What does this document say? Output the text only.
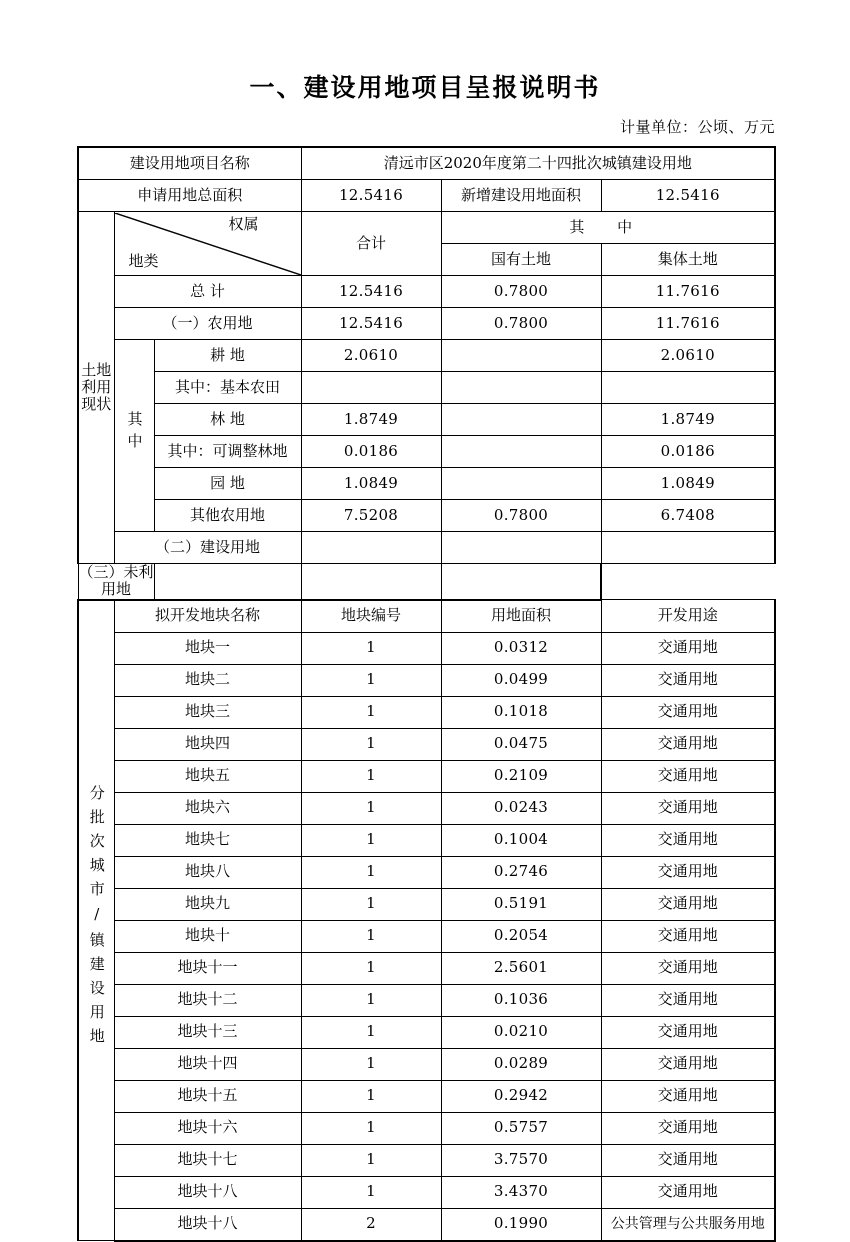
一、建设用地项目呈报说明书
计量单位：公顷、万元
建设用地项目名称			清远市区2020年度第二十四批次城镇建设用地		
申请用地总面积			12.5416	新增建设用地面积	12.5416
土地利用现状	权属
地类		合计	其 中	
				国有土地	集体土地
	总 计		12.5416	0.7800	11.7616
	（一）农用地		12.5416	0.7800	11.7616
	其中	耕 地	2.0610		2.0610
		其中：基本农田			
		林 地	1.8749		1.8749
		其中：可调整林地	0.0186		0.0186
		园 地	1.0849		1.0849
		其他农用地	7.5208	0.7800	6.7408
	（二）建设用地				
（三）未利用地					
分批次城市/镇建设用地	拟开发地块名称		地块编号	用地面积	开发用途
	地块一		1	0.0312	交通用地
	地块二		1	0.0499	交通用地
	地块三		1	0.1018	交通用地
	地块四		1	0.0475	交通用地
	地块五		1	0.2109	交通用地
	地块六		1	0.0243	交通用地
	地块七		1	0.1004	交通用地
	地块八		1	0.2746	交通用地
	地块九		1	0.5191	交通用地
	地块十		1	0.2054	交通用地
	地块十一		1	2.5601	交通用地
	地块十二		1	0.1036	交通用地
	地块十三		1	0.0210	交通用地
	地块十四		1	0.0289	交通用地
	地块十五		1	0.2942	交通用地
	地块十六		1	0.5757	交通用地
	地块十七		1	3.7570	交通用地
	地块十八		1	3.4370	交通用地
	地块十八		2	0.1990	公共管理与公共服务用地
